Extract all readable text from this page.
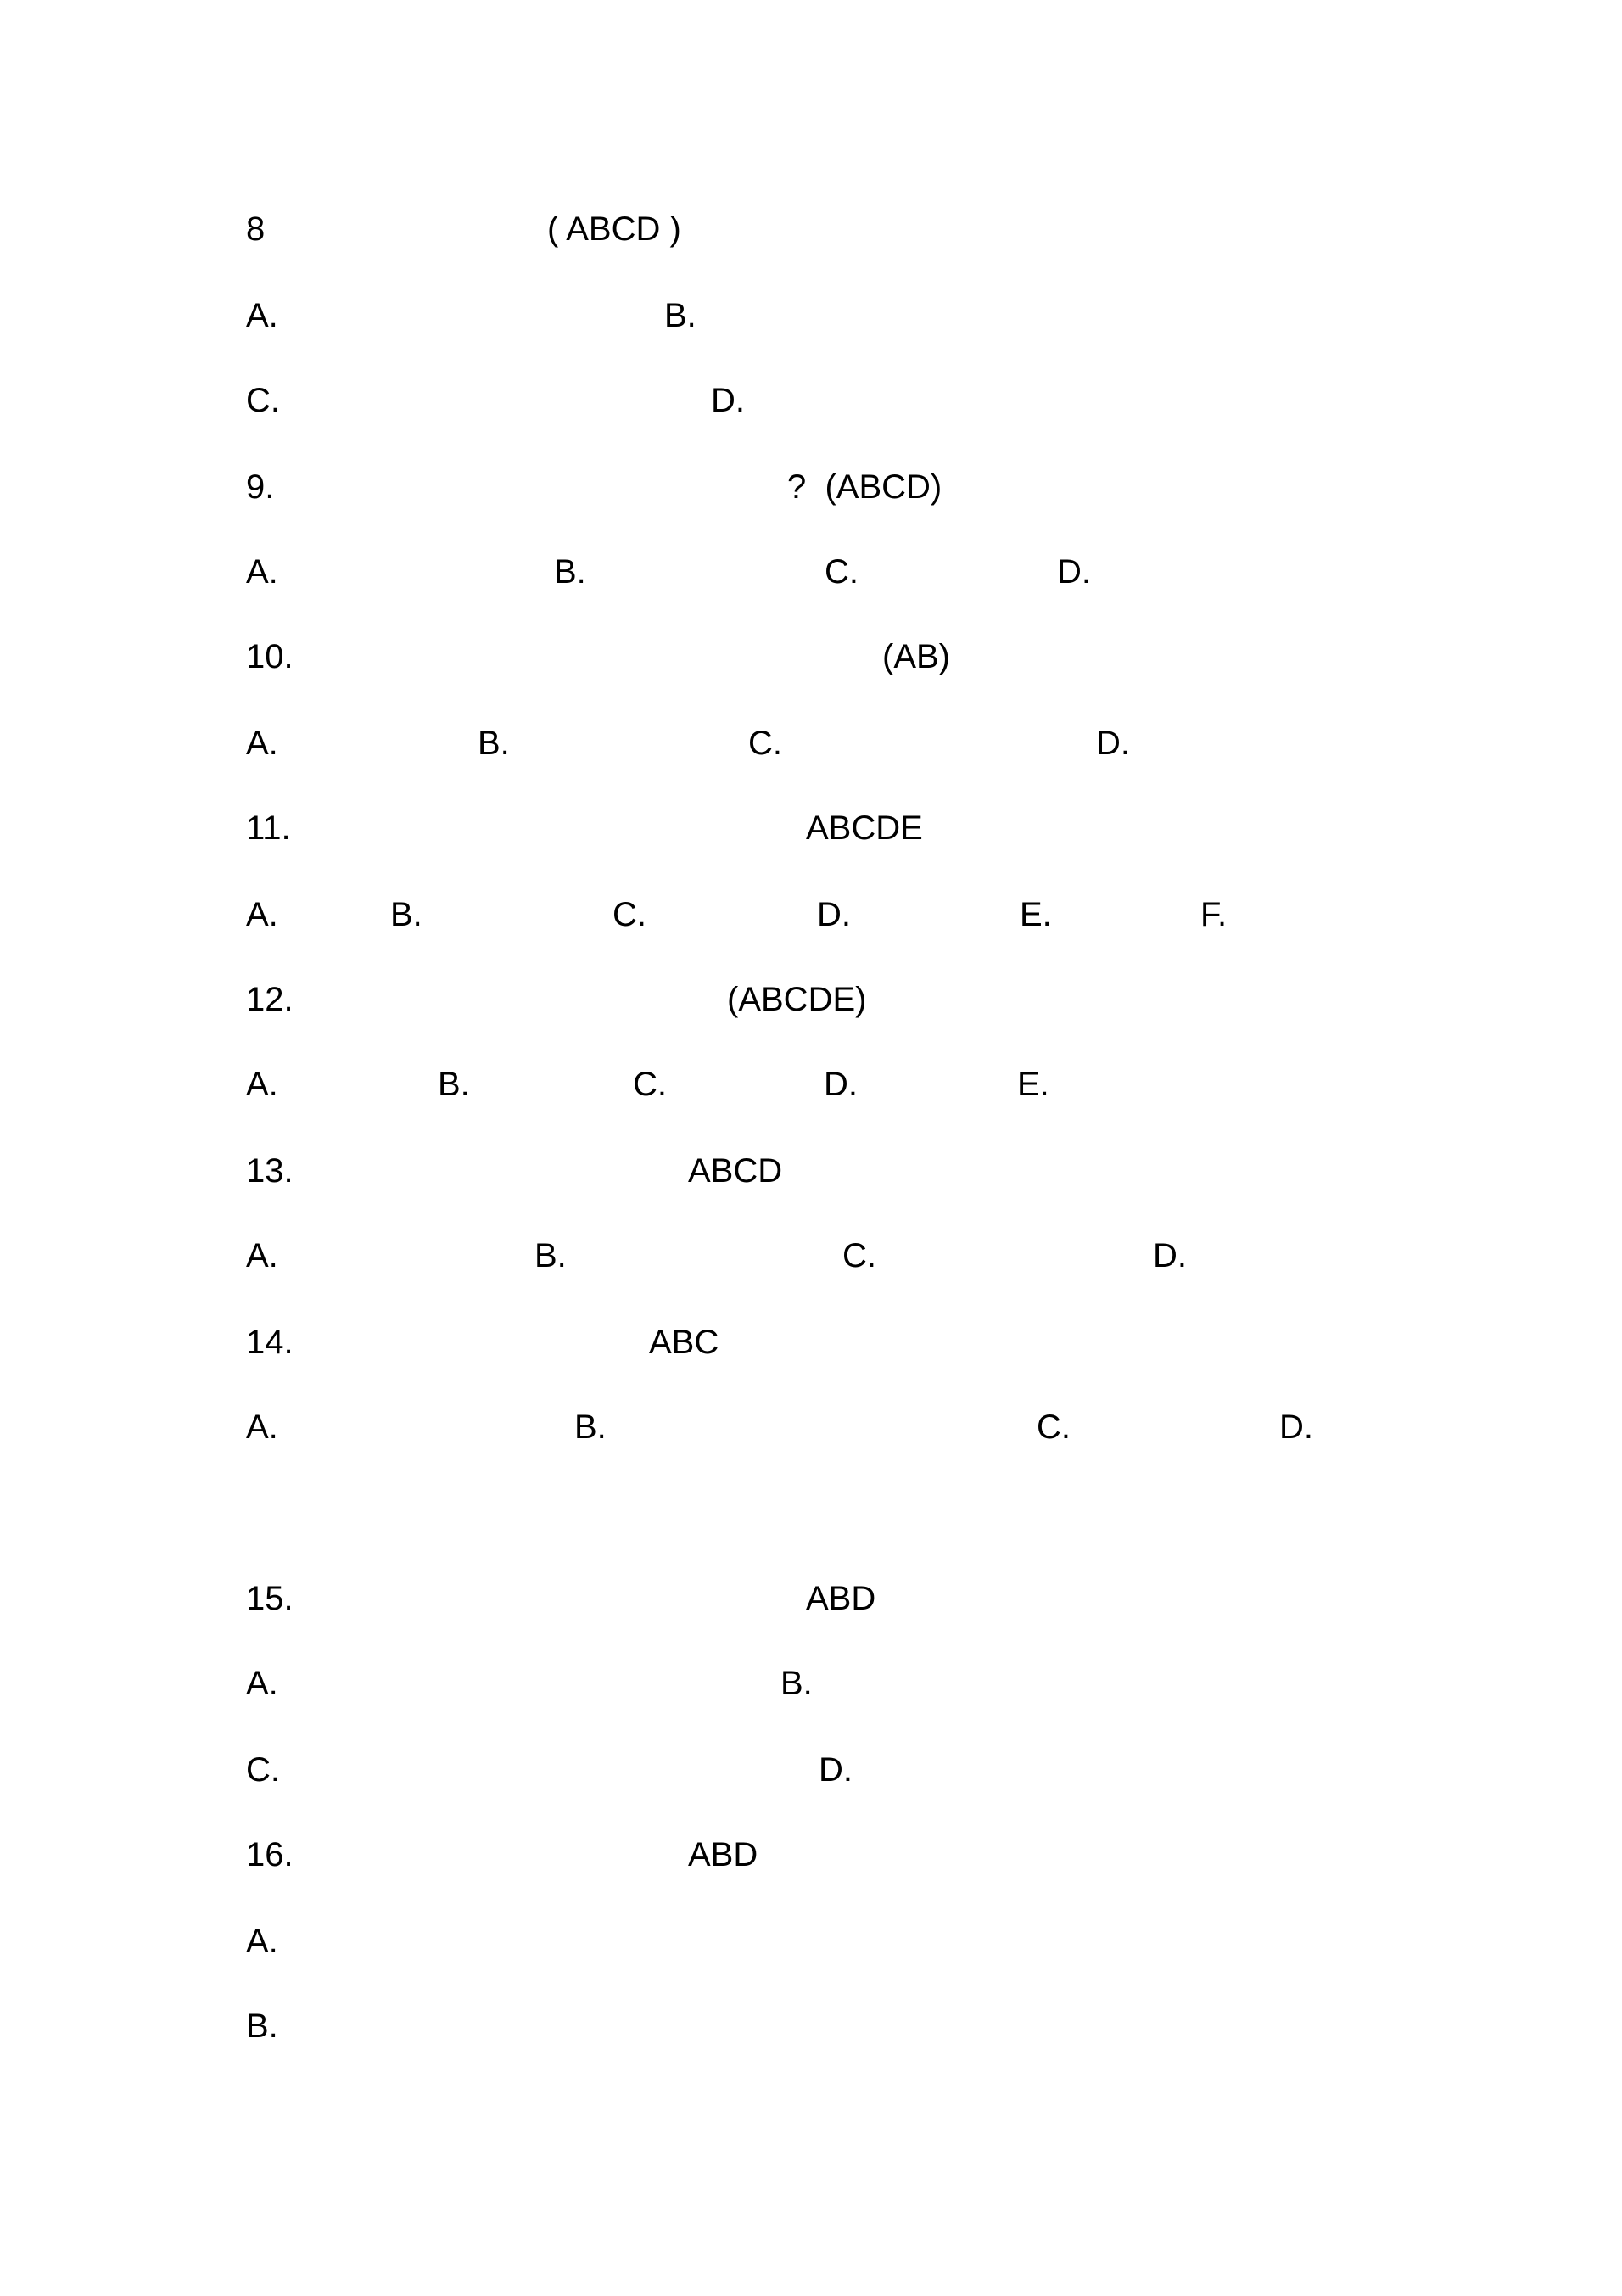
8	( ABCD )
A.	B.
C.	D.
9.	?  (ABCD)
A.	B.	C.	D.
10.	(AB)
A.	B.	C.	D.
11.	ABCDE
A.	B.	C.	D.	E.	F.
12.	(ABCDE)
A.	B.	C.	D.	E.
13.	ABCD
A.	B.	C.	D.
14.	ABC
A.	B.	C.	D.
15.	ABD
A.	B.
C.	D.
16.	ABD
A.
B.
